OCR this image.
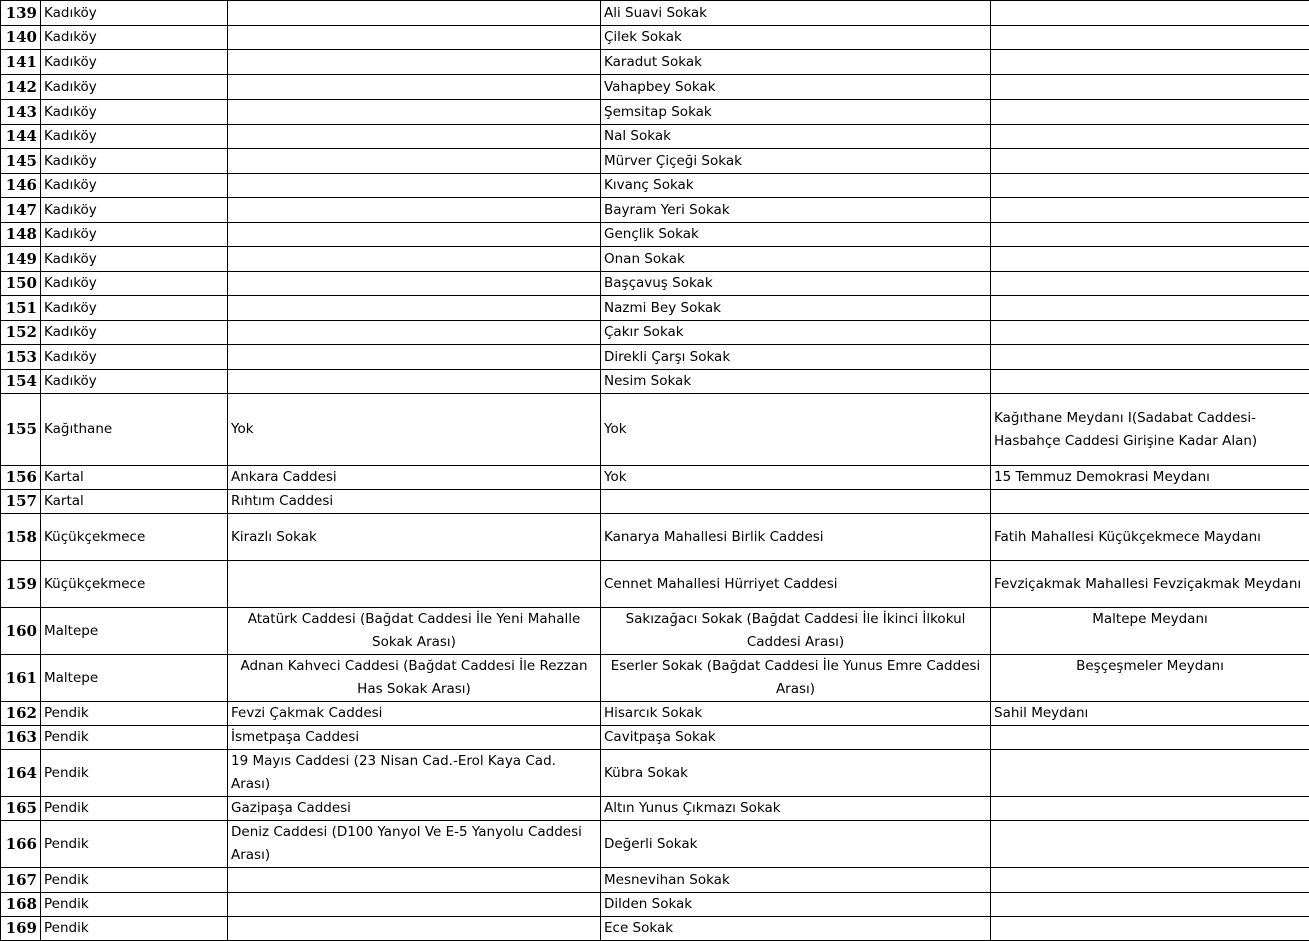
139	Kadıköy		Ali Suavi Sokak	
140	Kadıköy		Çilek Sokak	
141	Kadıköy		Karadut Sokak	
142	Kadıköy		Vahapbey Sokak	
143	Kadıköy		Şemsitap Sokak	
144	Kadıköy		Nal Sokak	
145	Kadıköy		Mürver Çiçeği Sokak	
146	Kadıköy		Kıvanç Sokak	
147	Kadıköy		Bayram Yeri Sokak	
148	Kadıköy		Gençlik Sokak	
149	Kadıköy		Onan Sokak	
150	Kadıköy		Başçavuş Sokak	
151	Kadıköy		Nazmi Bey Sokak	
152	Kadıköy		Çakır Sokak	
153	Kadıköy		Direkli Çarşı Sokak	
154	Kadıköy		Nesim Sokak	
155	Kağıthane	Yok	Yok	Kağıthane Meydanı I(Sadabat Caddesi-Hasbahçe Caddesi Girişine Kadar Alan)
156	Kartal	Ankara Caddesi	Yok	15 Temmuz Demokrasi Meydanı
157	Kartal	Rıhtım Caddesi		
158	Küçükçekmece	Kirazlı Sokak	Kanarya Mahallesi Birlik Caddesi	Fatih Mahallesi Küçükçekmece Maydanı
159	Küçükçekmece		Cennet Mahallesi Hürriyet Caddesi	Fevziçakmak Mahallesi Fevziçakmak Meydanı
160	Maltepe	Atatürk Caddesi (Bağdat Caddesi İle Yeni Mahalle Sokak Arası)	Sakızağacı Sokak (Bağdat Caddesi İle İkinci İlkokul Caddesi Arası)	Maltepe Meydanı
161	Maltepe	Adnan Kahveci Caddesi (Bağdat Caddesi İle Rezzan Has Sokak Arası)	Eserler Sokak (Bağdat Caddesi İle Yunus Emre Caddesi Arası)	Beşçeşmeler Meydanı
162	Pendik	Fevzi Çakmak Caddesi	Hisarcık Sokak	Sahil Meydanı
163	Pendik	İsmetpaşa Caddesi	Cavitpaşa Sokak	
164	Pendik	19 Mayıs Caddesi (23 Nisan Cad.-Erol Kaya Cad. Arası)	Kübra Sokak	
165	Pendik	Gazipaşa Caddesi	Altın Yunus Çıkmazı Sokak	
166	Pendik	Deniz Caddesi (D100 Yanyol Ve E-5 Yanyolu Caddesi Arası)	Değerli Sokak	
167	Pendik		Mesnevihan Sokak	
168	Pendik		Dilden Sokak	
169	Pendik		Ece Sokak	
